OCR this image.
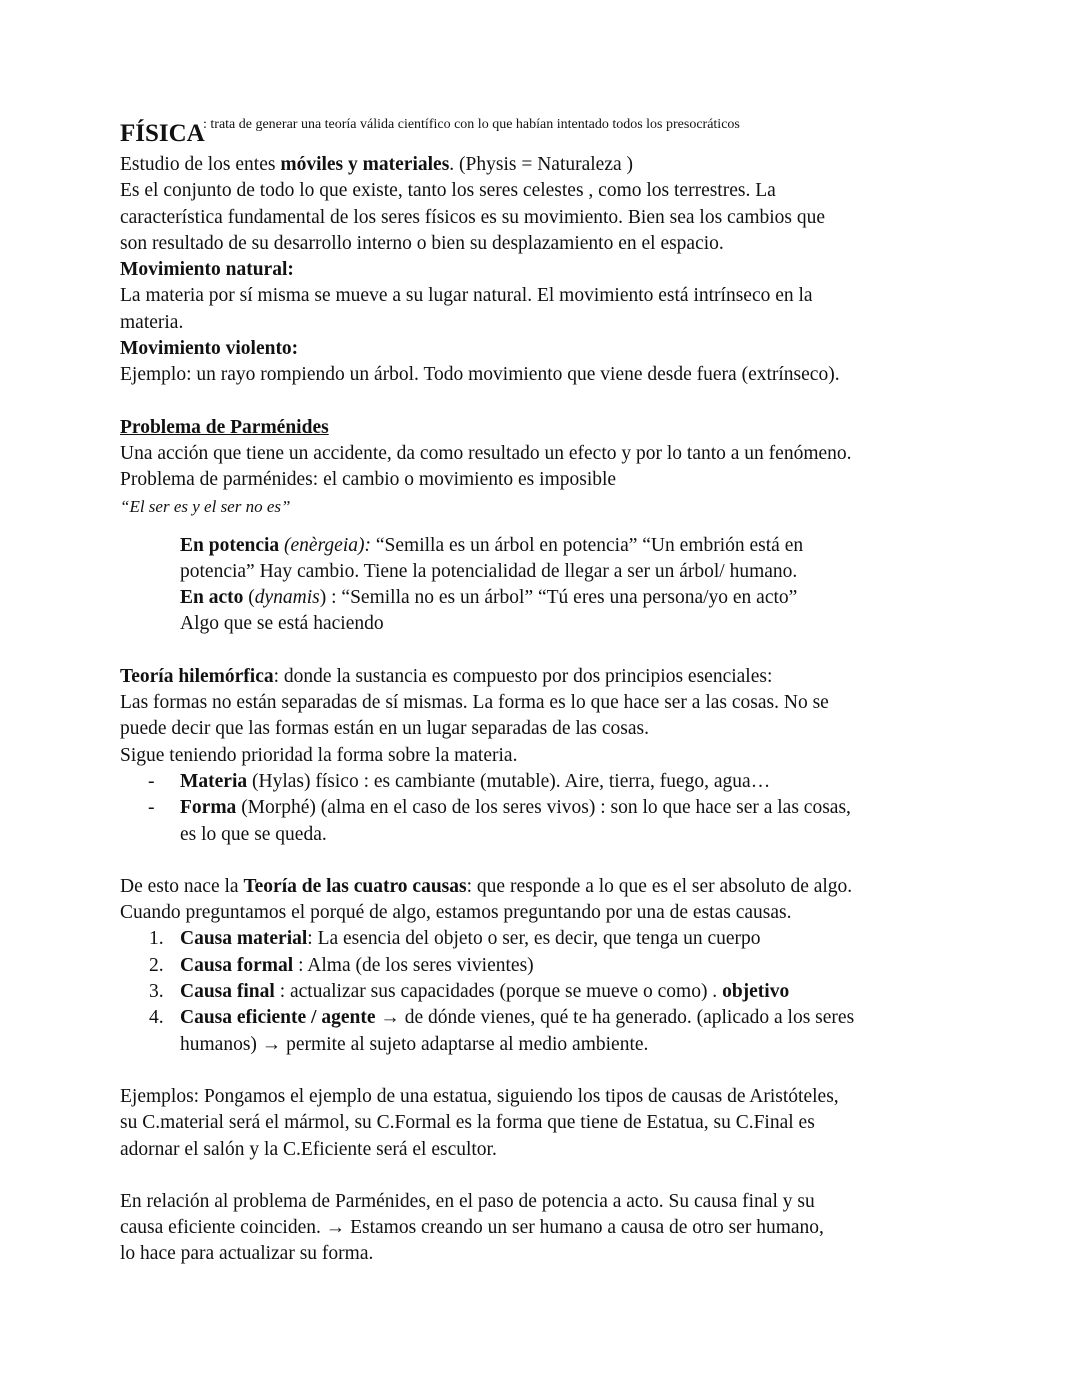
FÍSICA
: trata de generar una teoría válida científico con lo que habían intentado todos los presocráticos
Estudio de los entes móviles y materiales. (Physis = Naturaleza )
Es el conjunto de todo lo que existe, tanto los seres celestes , como los terrestres. La
característica fundamental de los seres físicos es su movimiento. Bien sea los cambios que
son resultado de su desarrollo interno o bien su desplazamiento en el espacio.
Movimiento natural:
La materia por sí misma se mueve a su lugar natural. El movimiento está intrínseco en la
materia.
Movimiento violento:
Ejemplo: un rayo rompiendo un árbol. Todo movimiento que viene desde fuera (extrínseco).
Problema de Parménides
Una acción que tiene un accidente, da como resultado un efecto y por lo tanto a un fenómeno.
Problema de parménides: el cambio o movimiento es imposible
“El ser es y el ser no es”
En potencia (enèrgeia): “Semilla es un árbol en potencia” “Un embrión está en
potencia” Hay cambio. Tiene la potencialidad de llegar a ser un árbol/ humano.
En acto (dynamis) : “Semilla no es un árbol” “Tú eres una persona/yo en acto”
Algo que se está haciendo
Teoría hilemórfica: donde la sustancia es compuesto por dos principios esenciales:
Las formas no están separadas de sí mismas. La forma es lo que hace ser a las cosas. No se
puede decir que las formas están en un lugar separadas de las cosas.
Sigue teniendo prioridad la forma sobre la materia.
- Materia (Hylas) físico : es cambiante (mutable). Aire, tierra, fuego, agua…
- Forma (Morphé) (alma en el caso de los seres vivos) : son lo que hace ser a las cosas,
es lo que se queda.
De esto nace la Teoría de las cuatro causas: que responde a lo que es el ser absoluto de algo.
Cuando preguntamos el porqué de algo, estamos preguntando por una de estas causas.
1. Causa material: La esencia del objeto o ser, es decir, que tenga un cuerpo
2. Causa formal : Alma (de los seres vivientes)
3. Causa final : actualizar sus capacidades (porque se mueve o como) . objetivo
4. Causa eficiente / agente → de dónde vienes, qué te ha generado. (aplicado a los seres
humanos) → permite al sujeto adaptarse al medio ambiente.
Ejemplos: Pongamos el ejemplo de una estatua, siguiendo los tipos de causas de Aristóteles,
su C.material será el mármol, su C.Formal es la forma que tiene de Estatua, su C.Final es
adornar el salón y la C.Eficiente será el escultor.
En relación al problema de Parménides, en el paso de potencia a acto. Su causa final y su
causa eficiente coinciden. → Estamos creando un ser humano a causa de otro ser humano,
lo hace para actualizar su forma.
